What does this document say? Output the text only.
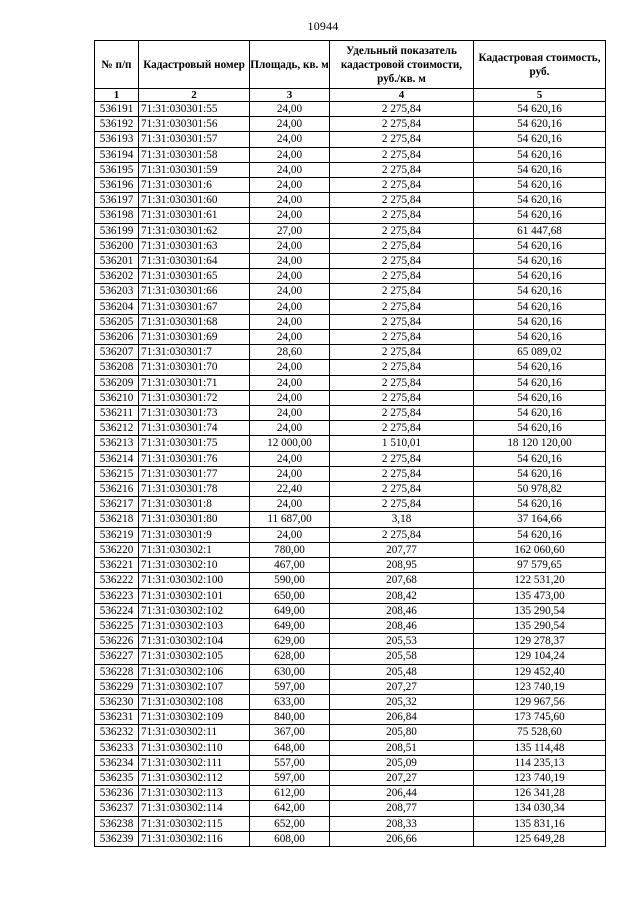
10944
№ п/п	Кадастровый номер	Площадь, кв. м	Удельный показатель кадастровой стоимости, руб./кв. м	Кадастровая стоимость, руб.
1	2	3	4	5
536191	71:31:030301:55	24,00	2 275,84	54 620,16
536192	71:31:030301:56	24,00	2 275,84	54 620,16
536193	71:31:030301:57	24,00	2 275,84	54 620,16
536194	71:31:030301:58	24,00	2 275,84	54 620,16
536195	71:31:030301:59	24,00	2 275,84	54 620,16
536196	71:31:030301:6	24,00	2 275,84	54 620,16
536197	71:31:030301:60	24,00	2 275,84	54 620,16
536198	71:31:030301:61	24,00	2 275,84	54 620,16
536199	71:31:030301:62	27,00	2 275,84	61 447,68
536200	71:31:030301:63	24,00	2 275,84	54 620,16
536201	71:31:030301:64	24,00	2 275,84	54 620,16
536202	71:31:030301:65	24,00	2 275,84	54 620,16
536203	71:31:030301:66	24,00	2 275,84	54 620,16
536204	71:31:030301:67	24,00	2 275,84	54 620,16
536205	71:31:030301:68	24,00	2 275,84	54 620,16
536206	71:31:030301:69	24,00	2 275,84	54 620,16
536207	71:31:030301:7	28,60	2 275,84	65 089,02
536208	71:31:030301:70	24,00	2 275,84	54 620,16
536209	71:31:030301:71	24,00	2 275,84	54 620,16
536210	71:31:030301:72	24,00	2 275,84	54 620,16
536211	71:31:030301:73	24,00	2 275,84	54 620,16
536212	71:31:030301:74	24,00	2 275,84	54 620,16
536213	71:31:030301:75	12 000,00	1 510,01	18 120 120,00
536214	71:31:030301:76	24,00	2 275,84	54 620,16
536215	71:31:030301:77	24,00	2 275,84	54 620,16
536216	71:31:030301:78	22,40	2 275,84	50 978,82
536217	71:31:030301:8	24,00	2 275,84	54 620,16
536218	71:31:030301:80	11 687,00	3,18	37 164,66
536219	71:31:030301:9	24,00	2 275,84	54 620,16
536220	71:31:030302:1	780,00	207,77	162 060,60
536221	71:31:030302:10	467,00	208,95	97 579,65
536222	71:31:030302:100	590,00	207,68	122 531,20
536223	71:31:030302:101	650,00	208,42	135 473,00
536224	71:31:030302:102	649,00	208,46	135 290,54
536225	71:31:030302:103	649,00	208,46	135 290,54
536226	71:31:030302:104	629,00	205,53	129 278,37
536227	71:31:030302:105	628,00	205,58	129 104,24
536228	71:31:030302:106	630,00	205,48	129 452,40
536229	71:31:030302:107	597,00	207,27	123 740,19
536230	71:31:030302:108	633,00	205,32	129 967,56
536231	71:31:030302:109	840,00	206,84	173 745,60
536232	71:31:030302:11	367,00	205,80	75 528,60
536233	71:31:030302:110	648,00	208,51	135 114,48
536234	71:31:030302:111	557,00	205,09	114 235,13
536235	71:31:030302:112	597,00	207,27	123 740,19
536236	71:31:030302:113	612,00	206,44	126 341,28
536237	71:31:030302:114	642,00	208,77	134 030,34
536238	71:31:030302:115	652,00	208,33	135 831,16
536239	71:31:030302:116	608,00	206,66	125 649,28
